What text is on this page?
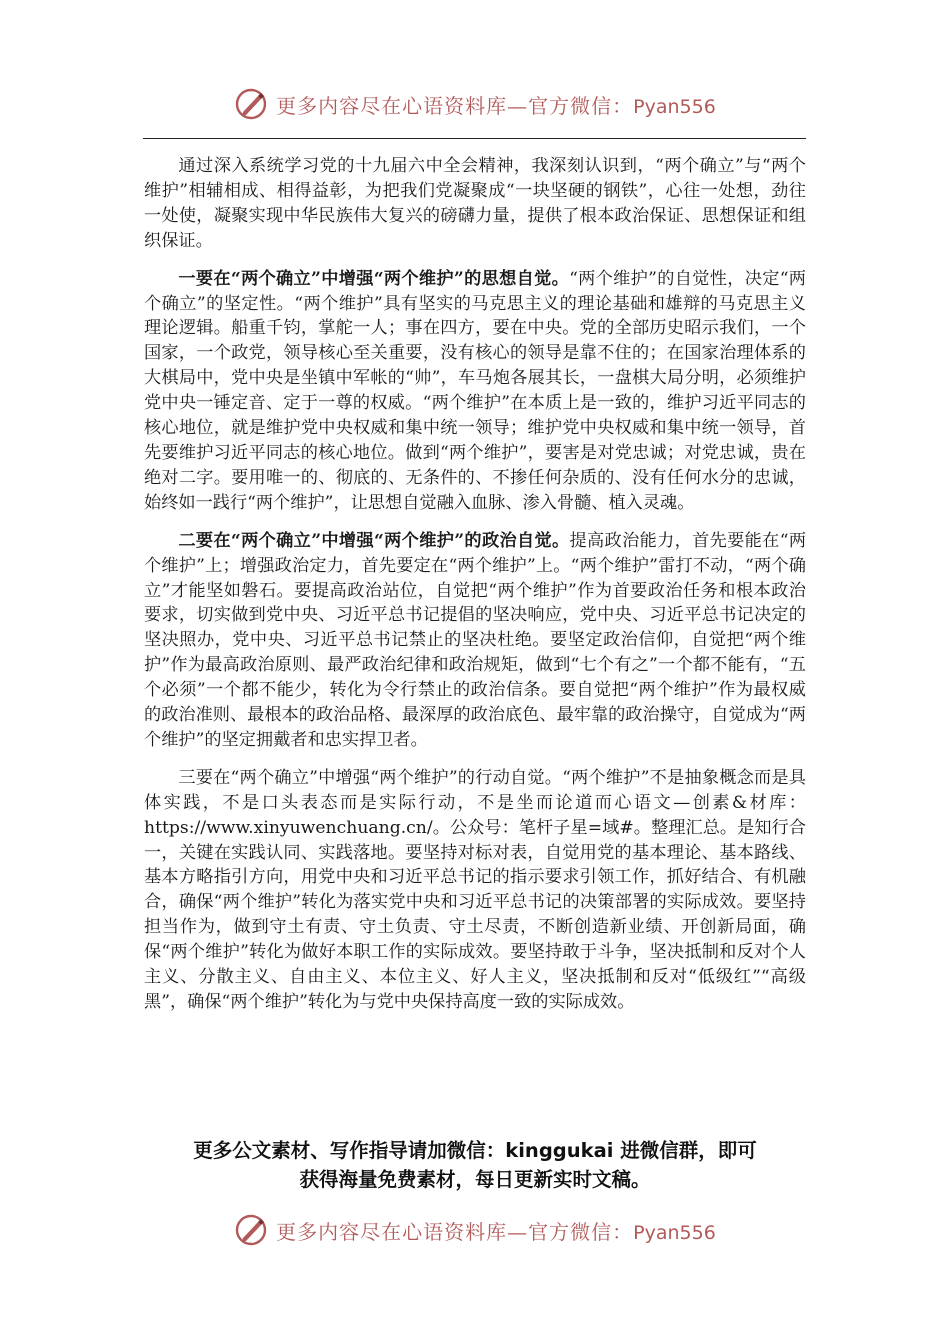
更多内容尽在心语资料库—官方微信：Pyan556

通过深入系统学习党的十九届六中全会精神，我深刻认识到，“两个确立”与“两个维护”相辅相成、相得益彰，为把我们党凝聚成“一块坚硬的钢铁”，心往一处想，劲往一处使，凝聚实现中华民族伟大复兴的磅礴力量，提供了根本政治保证、思想保证和组织保证。

一要在“两个确立”中增强“两个维护”的思想自觉。“两个维护”的自觉性，决定“两个确立”的坚定性。“两个维护”具有坚实的马克思主义的理论基础和雄辩的马克思主义理论逻辑。船重千钧，掌舵一人；事在四方，要在中央。党的全部历史昭示我们，一个国家，一个政党，领导核心至关重要，没有核心的领导是靠不住的；在国家治理体系的大棋局中，党中央是坐镇中军帐的“帅”，车马炮各展其长，一盘棋大局分明，必须维护党中央一锤定音、定于一尊的权威。“两个维护”在本质上是一致的，维护习近平同志的核心地位，就是维护党中央权威和集中统一领导；维护党中央权威和集中统一领导，首先要维护习近平同志的核心地位。做到“两个维护”，要害是对党忠诚；对党忠诚，贵在绝对二字。要用唯一的、彻底的、无条件的、不掺任何杂质的、没有任何水分的忠诚，始终如一践行“两个维护”，让思想自觉融入血脉、渗入骨髓、植入灵魂。

二要在“两个确立”中增强“两个维护”的政治自觉。提高政治能力，首先要能在“两个维护”上；增强政治定力，首先要定在“两个维护”上。“两个维护”雷打不动，“两个确立”才能坚如磐石。要提高政治站位，自觉把“两个维护”作为首要政治任务和根本政治要求，切实做到党中央、习近平总书记提倡的坚决响应，党中央、习近平总书记决定的坚决照办，党中央、习近平总书记禁止的坚决杜绝。要坚定政治信仰，自觉把“两个维护”作为最高政治原则、最严政治纪律和政治规矩，做到“七个有之”一个都不能有，“五个必须”一个都不能少，转化为令行禁止的政治信条。要自觉把“两个维护”作为最权威的政治准则、最根本的政治品格、最深厚的政治底色、最牢靠的政治操守，自觉成为“两个维护”的坚定拥戴者和忠实捍卫者。

三要在“两个确立”中增强“两个维护”的行动自觉。“两个维护”不是抽象概念而是具体实践，不是口头表态而是实际行动，不是坐而论道而心语文—创素&材库：https://www.xinyuwenchuang.cn/。公众号：笔杆子星=域#。整理汇总。是知行合一，关键在实践认同、实践落地。要坚持对标对表，自觉用党的基本理论、基本路线、基本方略指引方向，用党中央和习近平总书记的指示要求引领工作，抓好结合、有机融合，确保“两个维护”转化为落实党中央和习近平总书记的决策部署的实际成效。要坚持担当作为，做到守土有责、守土负责、守土尽责，不断创造新业绩、开创新局面，确保“两个维护”转化为做好本职工作的实际成效。要坚持敢于斗争，坚决抵制和反对个人主义、分散主义、自由主义、本位主义、好人主义，坚决抵制和反对“低级红”“高级黑”，确保“两个维护”转化为与党中央保持高度一致的实际成效。

更多公文素材、写作指导请加微信：kinggukai 进微信群，即可
获得海量免费素材，每日更新实时文稿。

更多内容尽在心语资料库—官方微信：Pyan556
